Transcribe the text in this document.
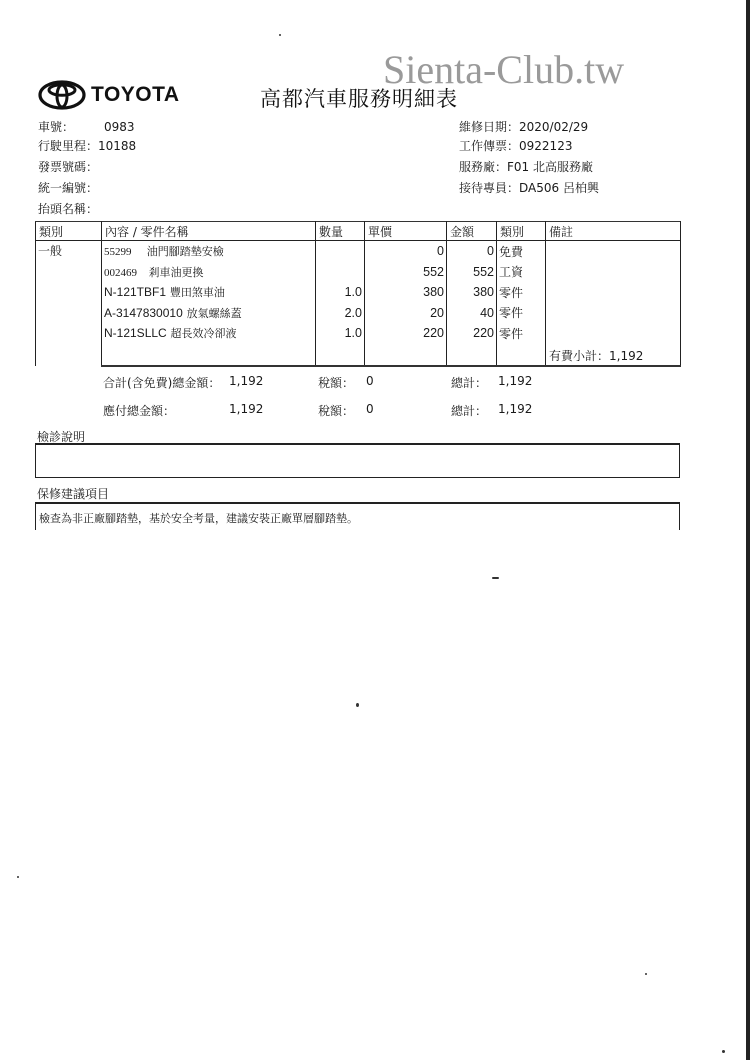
Sienta-Club.tw
TOYOTA	高都汽車服務明細表
車號： 0983
行駛里程：10188
發票號碼：
統一編號：
抬頭名稱：
維修日期：2020/02/29
工作傳票：0922123
服務廠：F01 北高服務廠
接待專員：DA506 呂柏興
類別	內容 / 零件名稱	數量	單價	金額	類別	備註
一般	55299 油門腳踏墊安檢		0	0	免費	
	002469 剎車油更換		552	552	工資	
	N-121TBF1 豐田煞車油	1.0	380	380	零件	
	A-3147830010 放氣螺絲蓋	2.0	20	40	零件	
	N-121SLLC 超長效冷卻液	1.0	220	220	零件	
						有費小計：1,192
合計(含免費)總金額： 1,192	稅額： 0	總計： 1,192
應付總金額：	1,192	稅額： 0	總計： 1,192
檢診說明
保修建議項目
檢查為非正廠腳踏墊，基於安全考量，建議安裝正廠單層腳踏墊。
